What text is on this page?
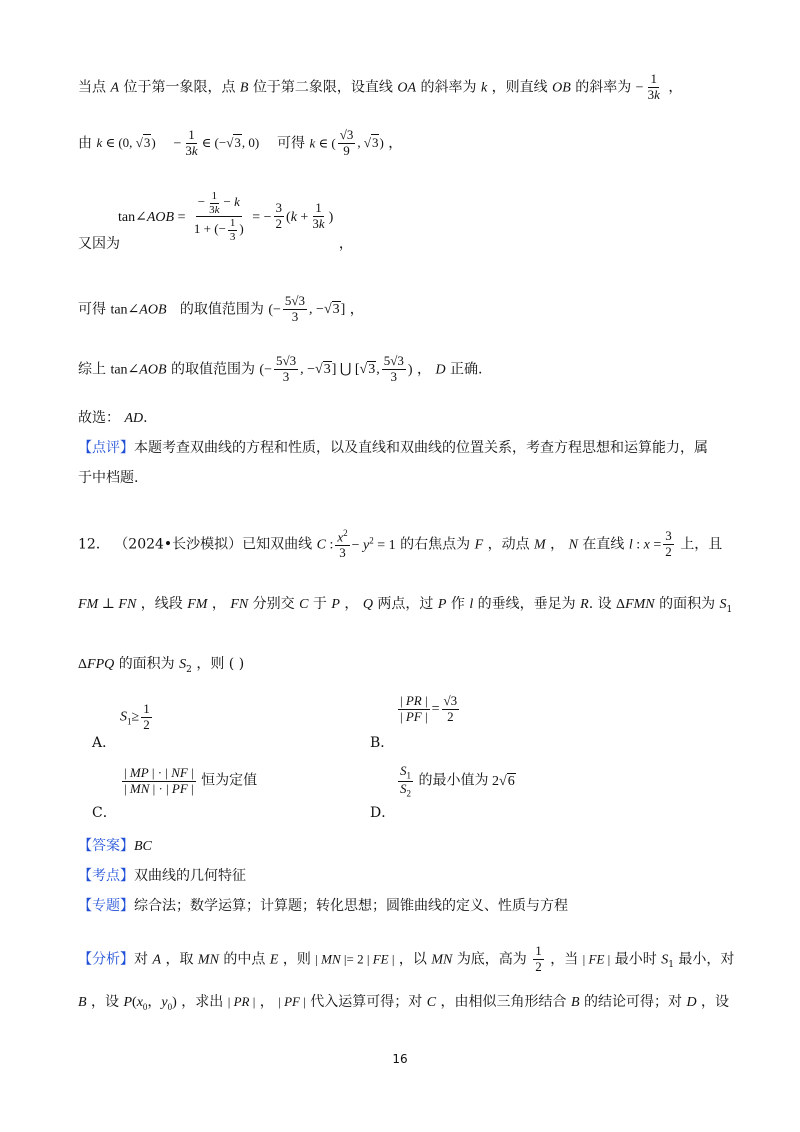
当点 A 位于第一象限，点 B 位于第二象限，设直线 OA 的斜率为 k ，则直线 OB 的斜率为 − $\frac{1}{3k}$ ，
由 k ∈ (0, $√3) - \frac{1}{3k}$ ∈ (−√3, 0) 可得 k ∈ ( $\frac{√3}{9}$ , √3) ，
tan∠AOB = $\frac{- \frac{1}{3k} - k}{1 + (- \frac{1}{3} )}$ = − $\frac{3}{2} (k + \frac{1}{3k}$ )
又因为	，
可得 tan∠AOB 的取值范围为 (− $\frac{5√3}{3}$ , −√3] ，
综上 tan∠AOB 的取值范围为 (− $\frac{5√3}{3}$ , −√3] ⋃ [√3, $\frac{5√3}{3}$ ) ， D 正确.
故选： AD.
【点评】本题考查双曲线的方程和性质，以及直线和双曲线的位置关系，考查方程思想和运算能力，属
于中档题.
12． （2024•长沙模拟）已知双曲线 C : $\frac{x^2}{3} - y^2 = 1$ 的右焦点为 F ，动点 M ， N 在直线 l : $x = \frac{3}{2}$ 上，且
FM ⊥ FN ，线段 FM ， FN 分别交 C 于 P ， Q 两点，过 P 作 l 的垂线，垂足为 R. 设 ΔFMN 的面积为 $S_1$
ΔFPQ 的面积为 $S_2$ ，则 ( )
$S_1\ge \frac{1}{2}$
A．
$\frac{| PR |}{| PF |} = \frac{√3}{2}$
B．
$\frac{| MP | \cdot | NF |}{| MN | \cdot | PF |}$ 恒为定值
C．
$\frac{S_1}{S_2}$ 的最小值为 2√6
D．
【答案】BC
【考点】双曲线的几何特征
【专题】综合法；数学运算；计算题；转化思想；圆锥曲线的定义、性质与方程
【分析】对 A ，取 MN 的中点 E ，则 | MN |= 2 | FE | ，以 MN 为底，高为 $\frac{1}{2}$ ，当 | FE | 最小时 $S_1$ 最小，对
B ，设 $P(x_0$，$y_0$) ，求出 | PR | ， | PF | 代入运算可得；对 C ，由相似三角形结合 B 的结论可得；对 D ，设
16
